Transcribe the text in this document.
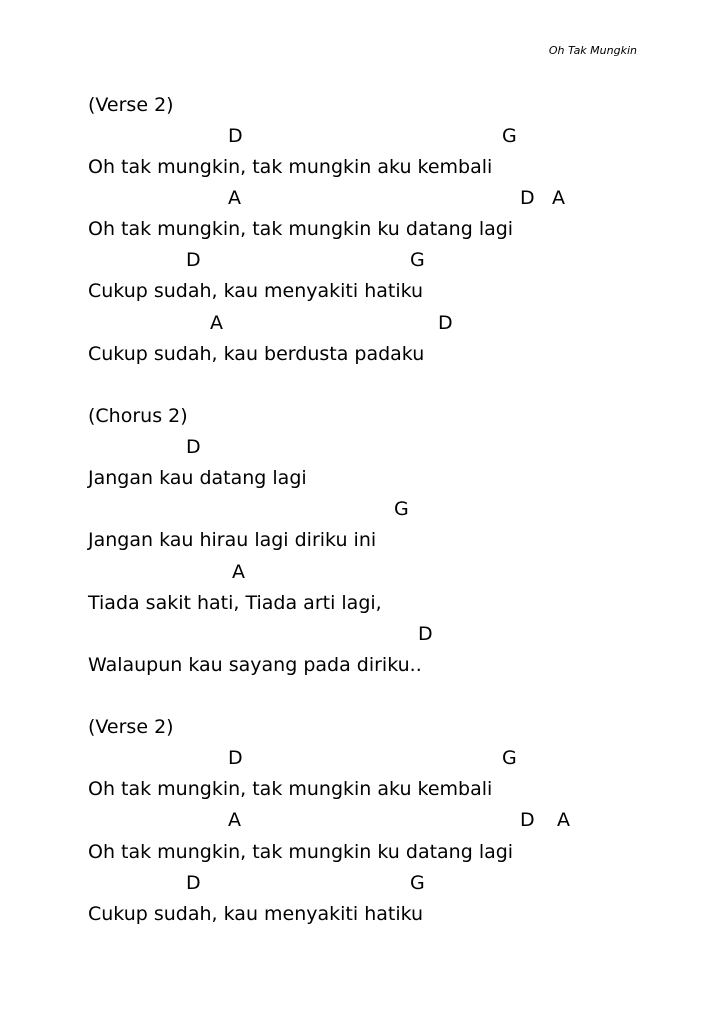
Oh Tak Mungkin
(Verse 2)
D	G
Oh tak mungkin, tak mungkin aku kembali
A	D A
Oh tak mungkin, tak mungkin ku datang lagi
D	G
Cukup sudah, kau menyakiti hatiku
A	D
Cukup sudah, kau berdusta padaku
(Chorus 2)
D
Jangan kau datang lagi
G
Jangan kau hirau lagi diriku ini
A
Tiada sakit hati, Tiada arti lagi,
D
Walaupun kau sayang pada diriku..
(Verse 2)
D	G
Oh tak mungkin, tak mungkin aku kembali
A	D A
Oh tak mungkin, tak mungkin ku datang lagi
D	G
Cukup sudah, kau menyakiti hatiku
